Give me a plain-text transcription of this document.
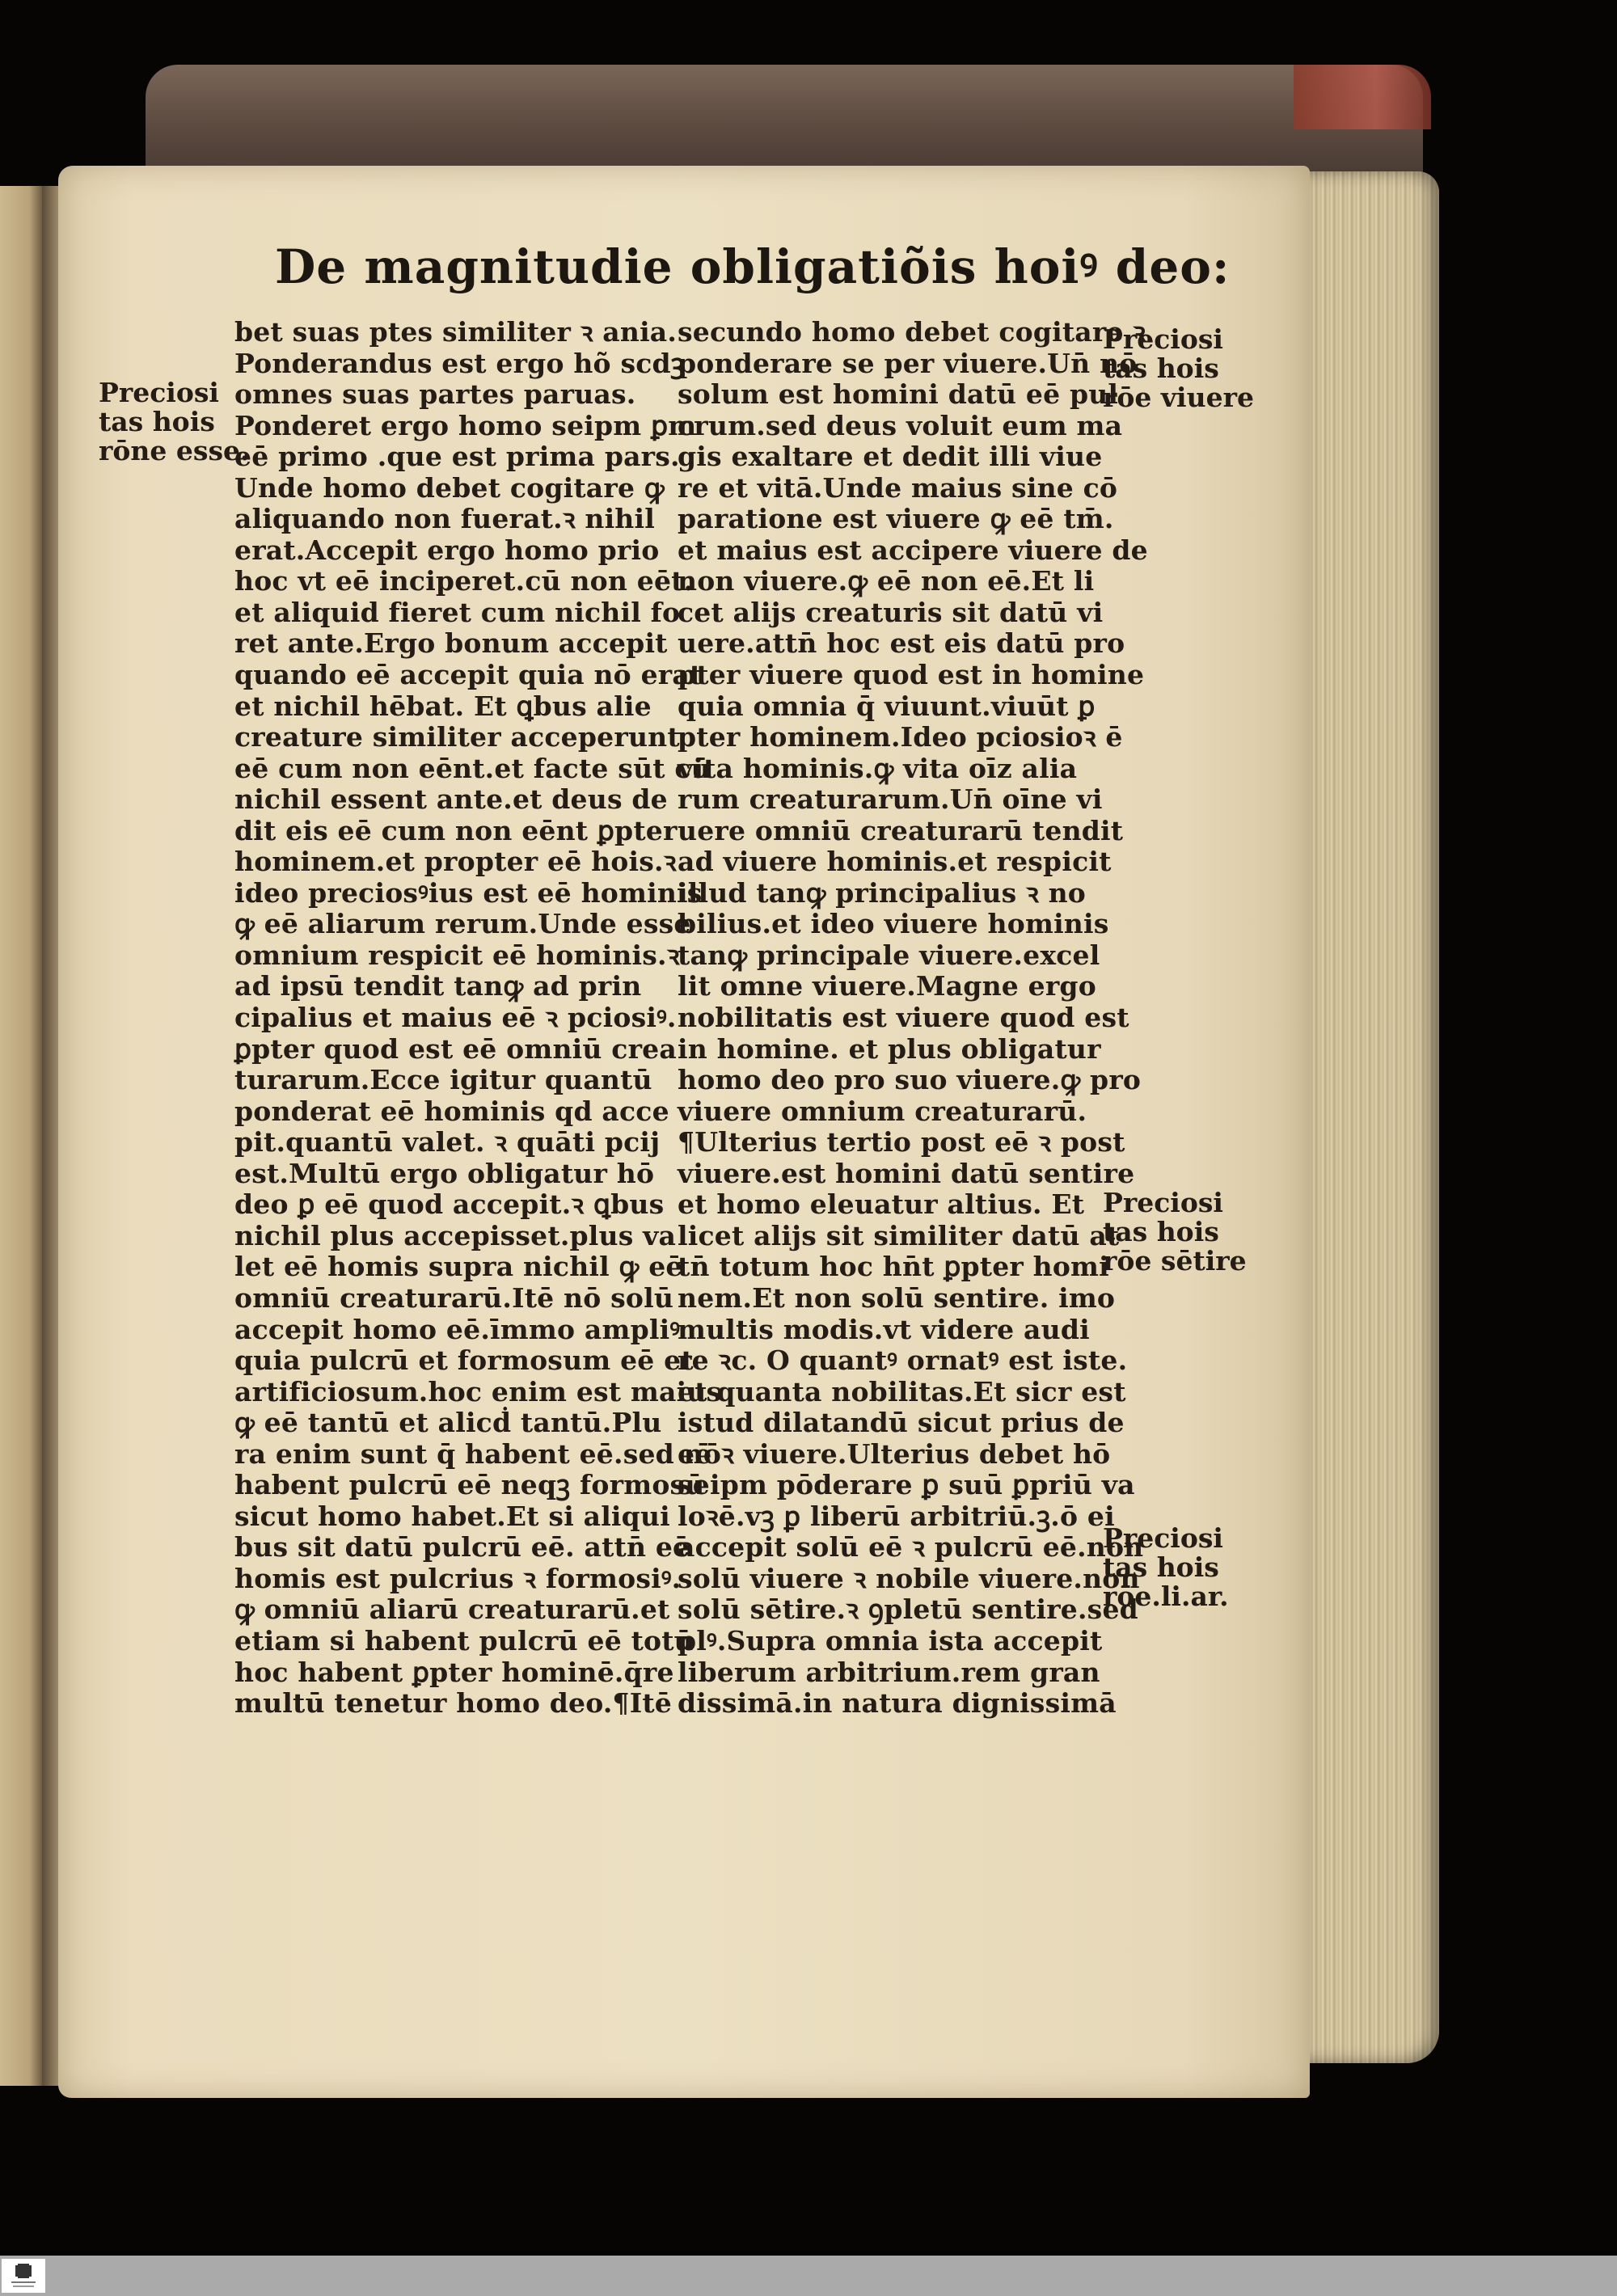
De magnitudie obligatiõis hoiꝰ deo:
Preciosi
tas hois
rōne esse.
bet suas ptes similiter ꝛ ania.
Ponderandus est ergo hõ scdꝫ
omnes suas partes paruas.
Ponderet ergo homo seipm ꝑm
eē primo .que est prima pars.
Unde homo debet cogitare ꝙ
aliquando non fuerat.ꝛ nihil
erat.Accepit ergo homo prio
hoc vt eē inciperet.cū non eēt.
et aliquid fieret cum nichil fo
ret ante.Ergo bonum accepit
quando eē accepit quia nō erat
et nichil hēbat. Et ꝗbus alie
creature similiter acceperunt
eē cum non eēnt.et facte sūt cū
nichil essent ante.et deus de
dit eis eē cum non eēnt ꝑpter
hominem.et propter eē hois.ꝛ
ideo preciosꝰius est eē hominis
ꝙ eē aliarum rerum.Unde esse
omnium respicit eē hominis.ꝛ
ad ipsū tendit tanꝙ ad prin
cipalius et maius eē ꝛ pciosiꝰ.
ꝑpter quod est eē omniū crea
turarum.Ecce igitur quantū
ponderat eē hominis qd acce
pit.quantū valet. ꝛ quāti pcij
est.Multū ergo obligatur hō
deo ꝑ eē quod accepit.ꝛ ꝗbus
nichil plus accepisset.plus va
let eē homis supra nichil ꝙ eē
omniū creaturarū.Itē nō solū
accepit homo eē.īmmo ampliꝰ
quia pulcrū et formosum eē et
artificiosum.hoc enim est maius
ꝙ eē tantū et alicḋ tantū.Plu
ra enim sunt q̄ habent eē.sed nō
habent pulcrū eē neqꝫ formosū
sicut homo habet.Et si aliqui
bus sit datū pulcrū eē. attn̄ eē
homis est pulcrius ꝛ formosiꝰ.
ꝙ omniū aliarū creaturarū.et
etiam si habent pulcrū eē totū
hoc habent ꝑpter hominē.q̄re
multū tenetur homo deo.¶Itē
secundo homo debet cogitare ꝛ
ponderare se per viuere.Un̄ nō
solum est homini datū eē pul
crum.sed deus voluit eum ma
gis exaltare et dedit illi viue
re et vitā.Unde maius sine cō
paratione est viuere ꝙ eē tm̄.
et maius est accipere viuere de
non viuere.ꝙ eē non eē.Et li
cet alijs creaturis sit datū vi
uere.attn̄ hoc est eis datū pro
pter viuere quod est in homine
quia omnia q̄ viuunt.viuūt ꝑ
pter hominem.Ideo pciosioꝛ ē
vita hominis.ꝙ vita oīz alia
rum creaturarum.Un̄ oīne vi
uere omniū creaturarū tendit
ad viuere hominis.et respicit
illud tanꝙ principalius ꝛ no
bilius.et ideo viuere hominis
tanꝙ principale viuere.excel
lit omne viuere.Magne ergo
nobilitatis est viuere quod est
in homine. et plus obligatur
homo deo pro suo viuere.ꝙ pro
viuere omnium creaturarū.
¶Ulterius tertio post eē ꝛ post
viuere.est homini datū sentire
et homo eleuatur altius. Et
licet alijs sit similiter datū at
tn̄ totum hoc hn̄t ꝑpter homi
nem.Et non solū sentire. imo
multis modis.vt videre audi
re ꝛc. O quantꝰ ornatꝰ est iste.
et quanta nobilitas.Et sicr est
istud dilatandū sicut prius de
eē ꝛ viuere.Ulterius debet hō
seipm pōderare ꝑ suū ꝑpriū va
loꝛē.vꝫ ꝑ liberū arbitriū.ꝫ.ō ei
accepit solū eē ꝛ pulcrū eē.non
solū viuere ꝛ nobile viuere.non
solū sētire.ꝛ ꝯpletū sentire.sed
plꝰ.Supra omnia ista accepit
liberum arbitrium.rem gran
dissimā.in natura dignissimā
Preciosi
tas hois
rōe viuere
Preciosi
tas hois
rōe sētire
Preciosi
tas hois
rōe.li.ar.
